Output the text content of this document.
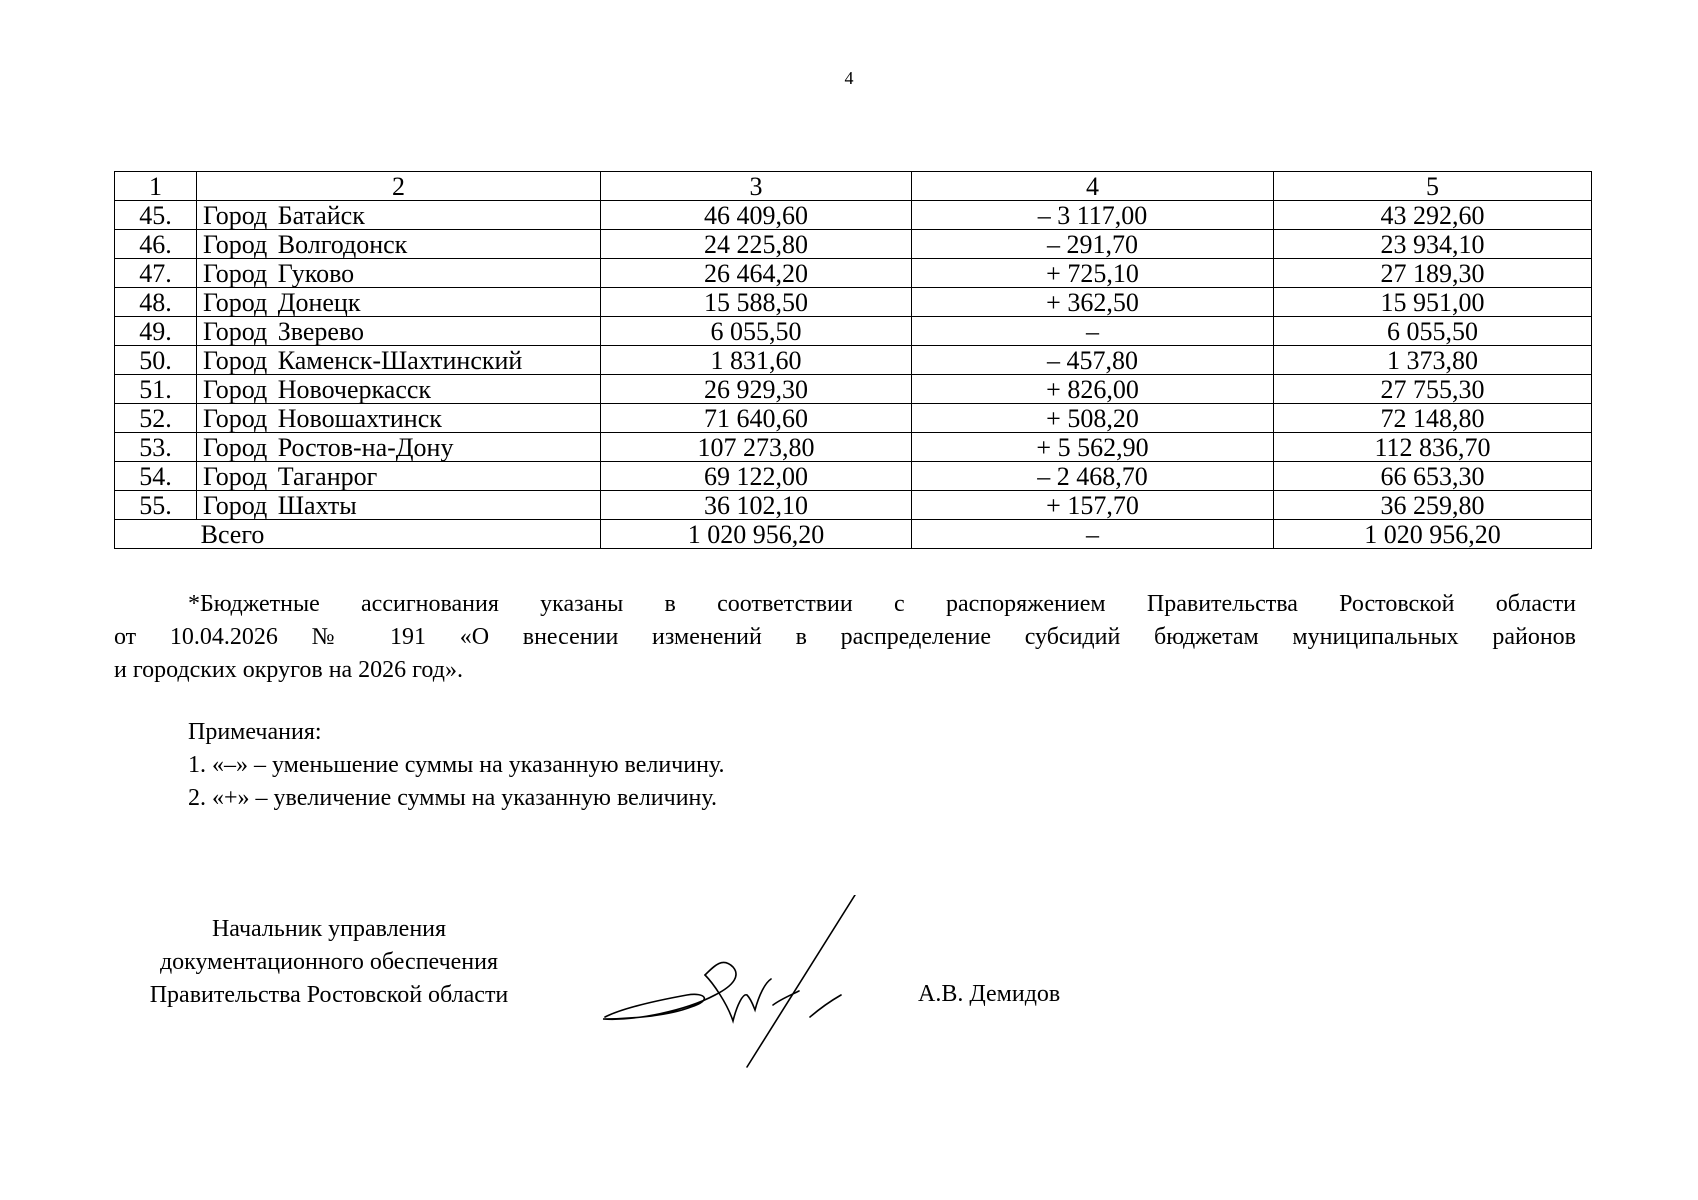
4
1	2	3	4	5
45.	Город Батайск	46 409,60	– 3 117,00	43 292,60
46.	Город Волгодонск	24 225,80	– 291,70	23 934,10
47.	Город Гуково	26 464,20	+ 725,10	27 189,30
48.	Город Донецк	15 588,50	+ 362,50	15 951,00
49.	Город Зверево	6 055,50	–	6 055,50
50.	Город Каменск-Шахтинский	1 831,60	– 457,80	1 373,80
51.	Город Новочеркасск	26 929,30	+ 826,00	27 755,30
52.	Город Новошахтинск	71 640,60	+ 508,20	72 148,80
53.	Город Ростов-на-Дону	107 273,80	+ 5 562,90	112 836,70
54.	Город Таганрог	69 122,00	– 2 468,70	66 653,30
55.	Город Шахты	36 102,10	+ 157,70	36 259,80
Всего		1 020 956,20	–	1 020 956,20
*Бюджетные ассигнования указаны в соответствии с распоряжением Правительства Ростовской области
от 10.04.2026 № 191 «О внесении изменений в распределение субсидий бюджетам муниципальных районов
и городских округов на 2026 год».
Примечания:
1. «–» – уменьшение суммы на указанную величину.
2. «+» – увеличение суммы на указанную величину.
Начальник управления
документационного обеспечения
Правительства Ростовской области	А.В. Демидов
